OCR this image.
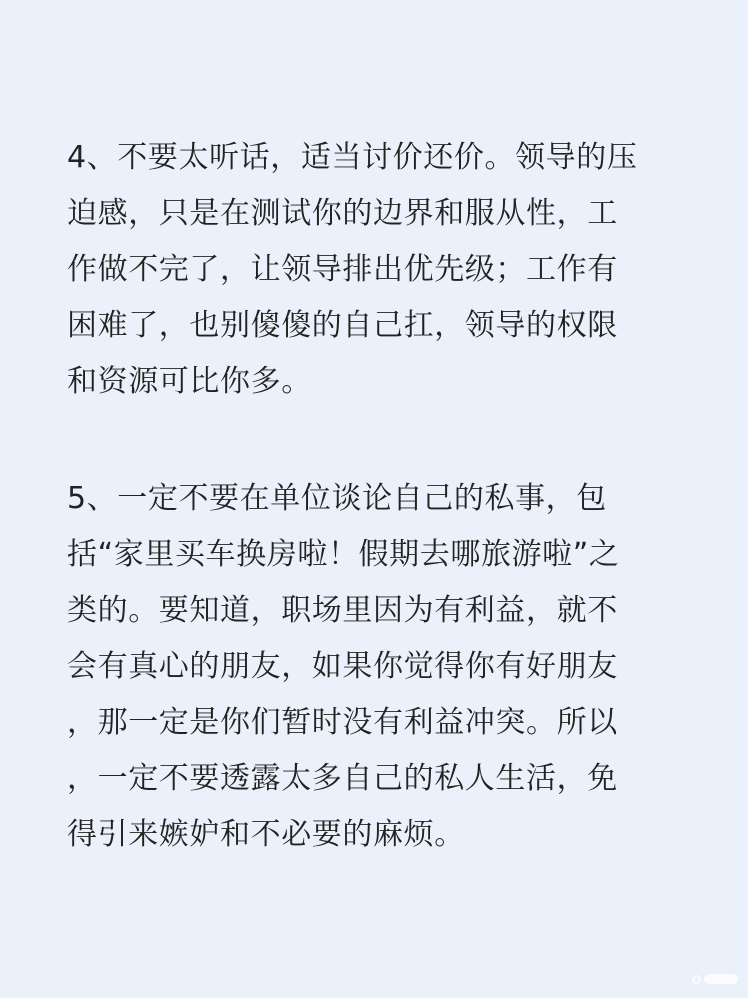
4、不要太听话，适当讨价还价。领导的压
迫感，只是在测试你的边界和服从性，工
作做不完了，让领导排出优先级；工作有
困难了，也别傻傻的自己扛，领导的权限
和资源可比你多。
5、一定不要在单位谈论自己的私事，包
括“家里买车换房啦！假期去哪旅游啦”之
类的。要知道，职场里因为有利益，就不
会有真心的朋友，如果你觉得你有好朋友
，那一定是你们暂时没有利益冲突。所以
，一定不要透露太多自己的私人生活，免
得引来嫉妒和不必要的麻烦。
